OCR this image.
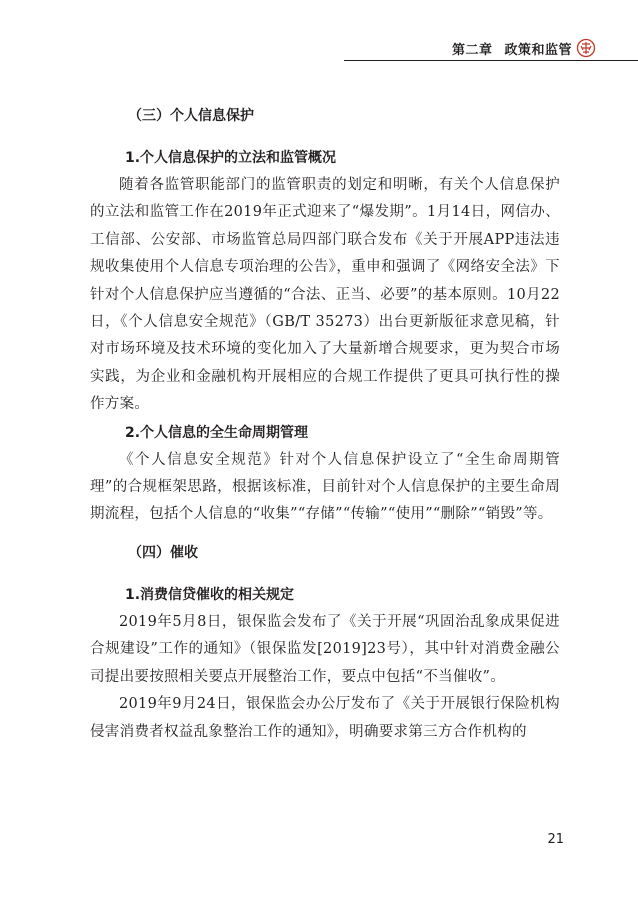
第二章 政策和监管
（三）个人信息保护
1.个人信息保护的立法和监管概况

随着各监管职能部门的监管职责的划定和明晰，有关个人信息保护的立法和监管工作在2019年正式迎来了“爆发期”。1月14日，网信办、工信部、公安部、市场监管总局四部门联合发布《关于开展APP违法违规收集使用个人信息专项治理的公告》，重申和强调了《网络安全法》下针对个人信息保护应当遵循的“合法、正当、必要”的基本原则。10月22日，《个人信息安全规范》（GB/T 35273）出台更新版征求意见稿，针对市场环境及技术环境的变化加入了大量新增合规要求，更为契合市场实践，为企业和金融机构开展相应的合规工作提供了更具可执行性的操作方案。

2.个人信息的全生命周期管理

《个人信息安全规范》针对个人信息保护设立了“全生命周期管理”的合规框架思路，根据该标准，目前针对个人信息保护的主要生命周期流程，包括个人信息的“收集”“存储”“传输”“使用”“删除”“销毁”等。

（四）催收
1.消费信贷催收的相关规定

2019年5月8日，银保监会发布了《关于开展“巩固治乱象成果促进合规建设”工作的通知》（银保监发[2019]23号），其中针对消费金融公司提出要按照相关要点开展整治工作，要点中包括“不当催收”。

2019年9月24日，银保监会办公厅发布了《关于开展银行保险机构侵害消费者权益乱象整治工作的通知》，明确要求第三方合作机构的

21
